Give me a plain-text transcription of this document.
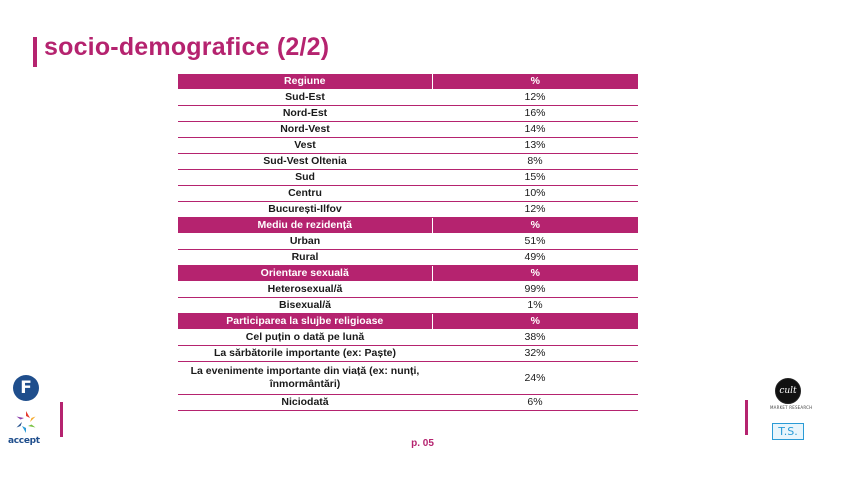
socio-demografice (2/2)
Regiune	%
Sud-Est	12%
Nord-Est	16%
Nord-Vest	14%
Vest	13%
Sud-Vest Oltenia	8%
Sud	15%
Centru	10%
București-Ilfov	12%
Mediu de rezidență	%
Urban	51%
Rural	49%
Orientare sexuală	%
Heterosexual/ă	99%
Bisexual/ă	1%
Participarea la slujbe religioase	%
Cel puțin o dată pe lună	38%
La sărbătorile importante (ex: Paște)	32%
La evenimente importante din viață (ex: nunți, înmormântări)	24%
Niciodată	6%
p. 05
F
accept
cult
MARKET RESEARCH
T.S.
